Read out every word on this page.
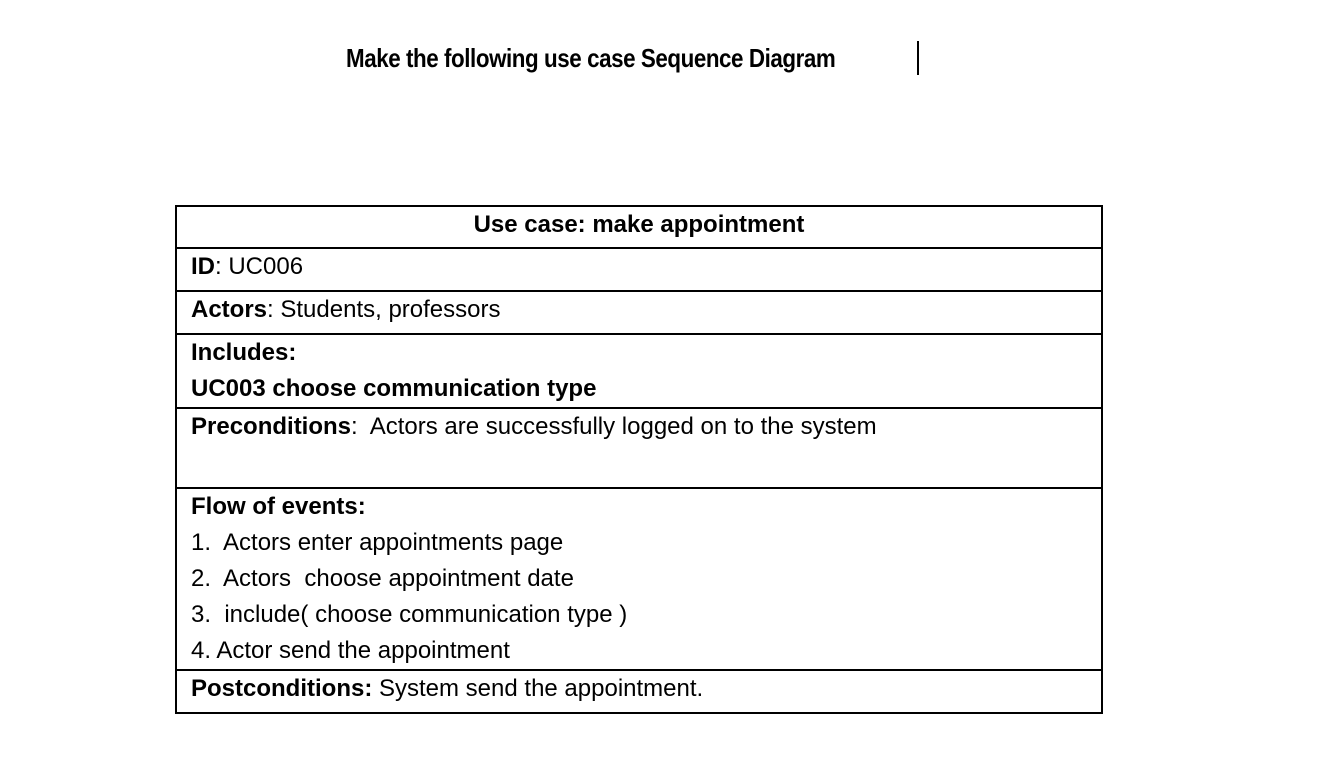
Make the following use case Sequence Diagram
Use case: make appointment
ID: UC006
Actors: Students, professors

Includes:
UC003 choose communication type

Preconditions:  Actors are successfully logged on to the system

Flow of events:
1.  Actors enter appointments page
2.  Actors  choose appointment date
3.  include( choose communication type )
4. Actor send the appointment

Postconditions: System send the appointment.
